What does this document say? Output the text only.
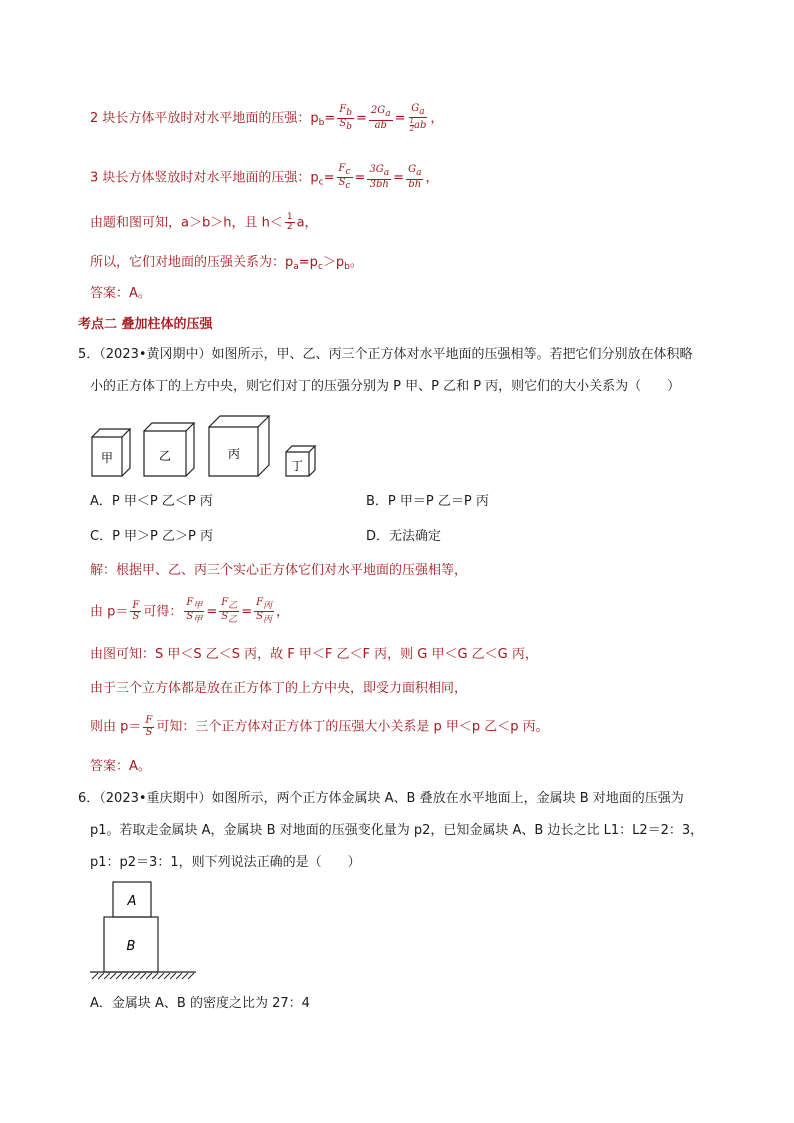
2 块长方体平放时对水平地面的压强：$p_b= \frac{F_b}{S_b} = \frac{2G_a}{ab} = \frac{G_a}{\frac{1}{2} ab}$ ，
3 块长方体竖放时对水平地面的压强：$p_c= \frac{F_c}{S_c} = \frac{3G_a}{3bh} = \frac{G_a}{bh}$ ，
由题和图可知，a＞b＞h，且 $h< \frac{1}{2}$ a，
所以，它们对地面的压强关系为：$p_a=p_c>p_b$。
答案：A。
考点二 叠加柱体的压强
5．（2023•黄冈期中）如图所示，甲、乙、丙三个正方体对水平地面的压强相等。若把它们分别放在体积略
小的正方体丁的上方中央，则它们对丁的压强分别为 P 甲、P 乙和 P 丙，则它们的大小关系为（　　）
甲	乙	丙
丁
A．P 甲＜P 乙＜P 丙	B．P 甲＝P 乙＝P 丙
C．P 甲＞P 乙＞P 丙	D．无法确定
解：根据甲、乙、丙三个实心正方体它们对水平地面的压强相等，
由 $p= \frac{F}{S}$ 可得： $\frac{F_甲}{S_甲} = \frac{F_乙}{S_乙} = \frac{F_丙}{S_丙}$ ，
由图可知：S 甲＜S 乙＜S 丙，故 F 甲＜F 乙＜F 丙，则 G 甲＜G 乙＜G 丙，
由于三个立方体都是放在正方体丁的上方中央，即受力面积相同，
则由 $p= \frac{F}{S}$ 可知：三个正方体对正方体丁的压强大小关系是 p 甲＜p 乙＜p 丙。
答案：A。
6．（2023•重庆期中）如图所示，两个正方体金属块 A、B 叠放在水平地面上，金属块 B 对地面的压强为
p1。若取走金属块 A，金属块 B 对地面的压强变化量为 p2，已知金属块 A、B 边长之比 L1：L2＝2：3，
p1：p2＝3：1，则下列说法正确的是（　　）
A
B
A．金属块 A、B 的密度之比为 27：4
